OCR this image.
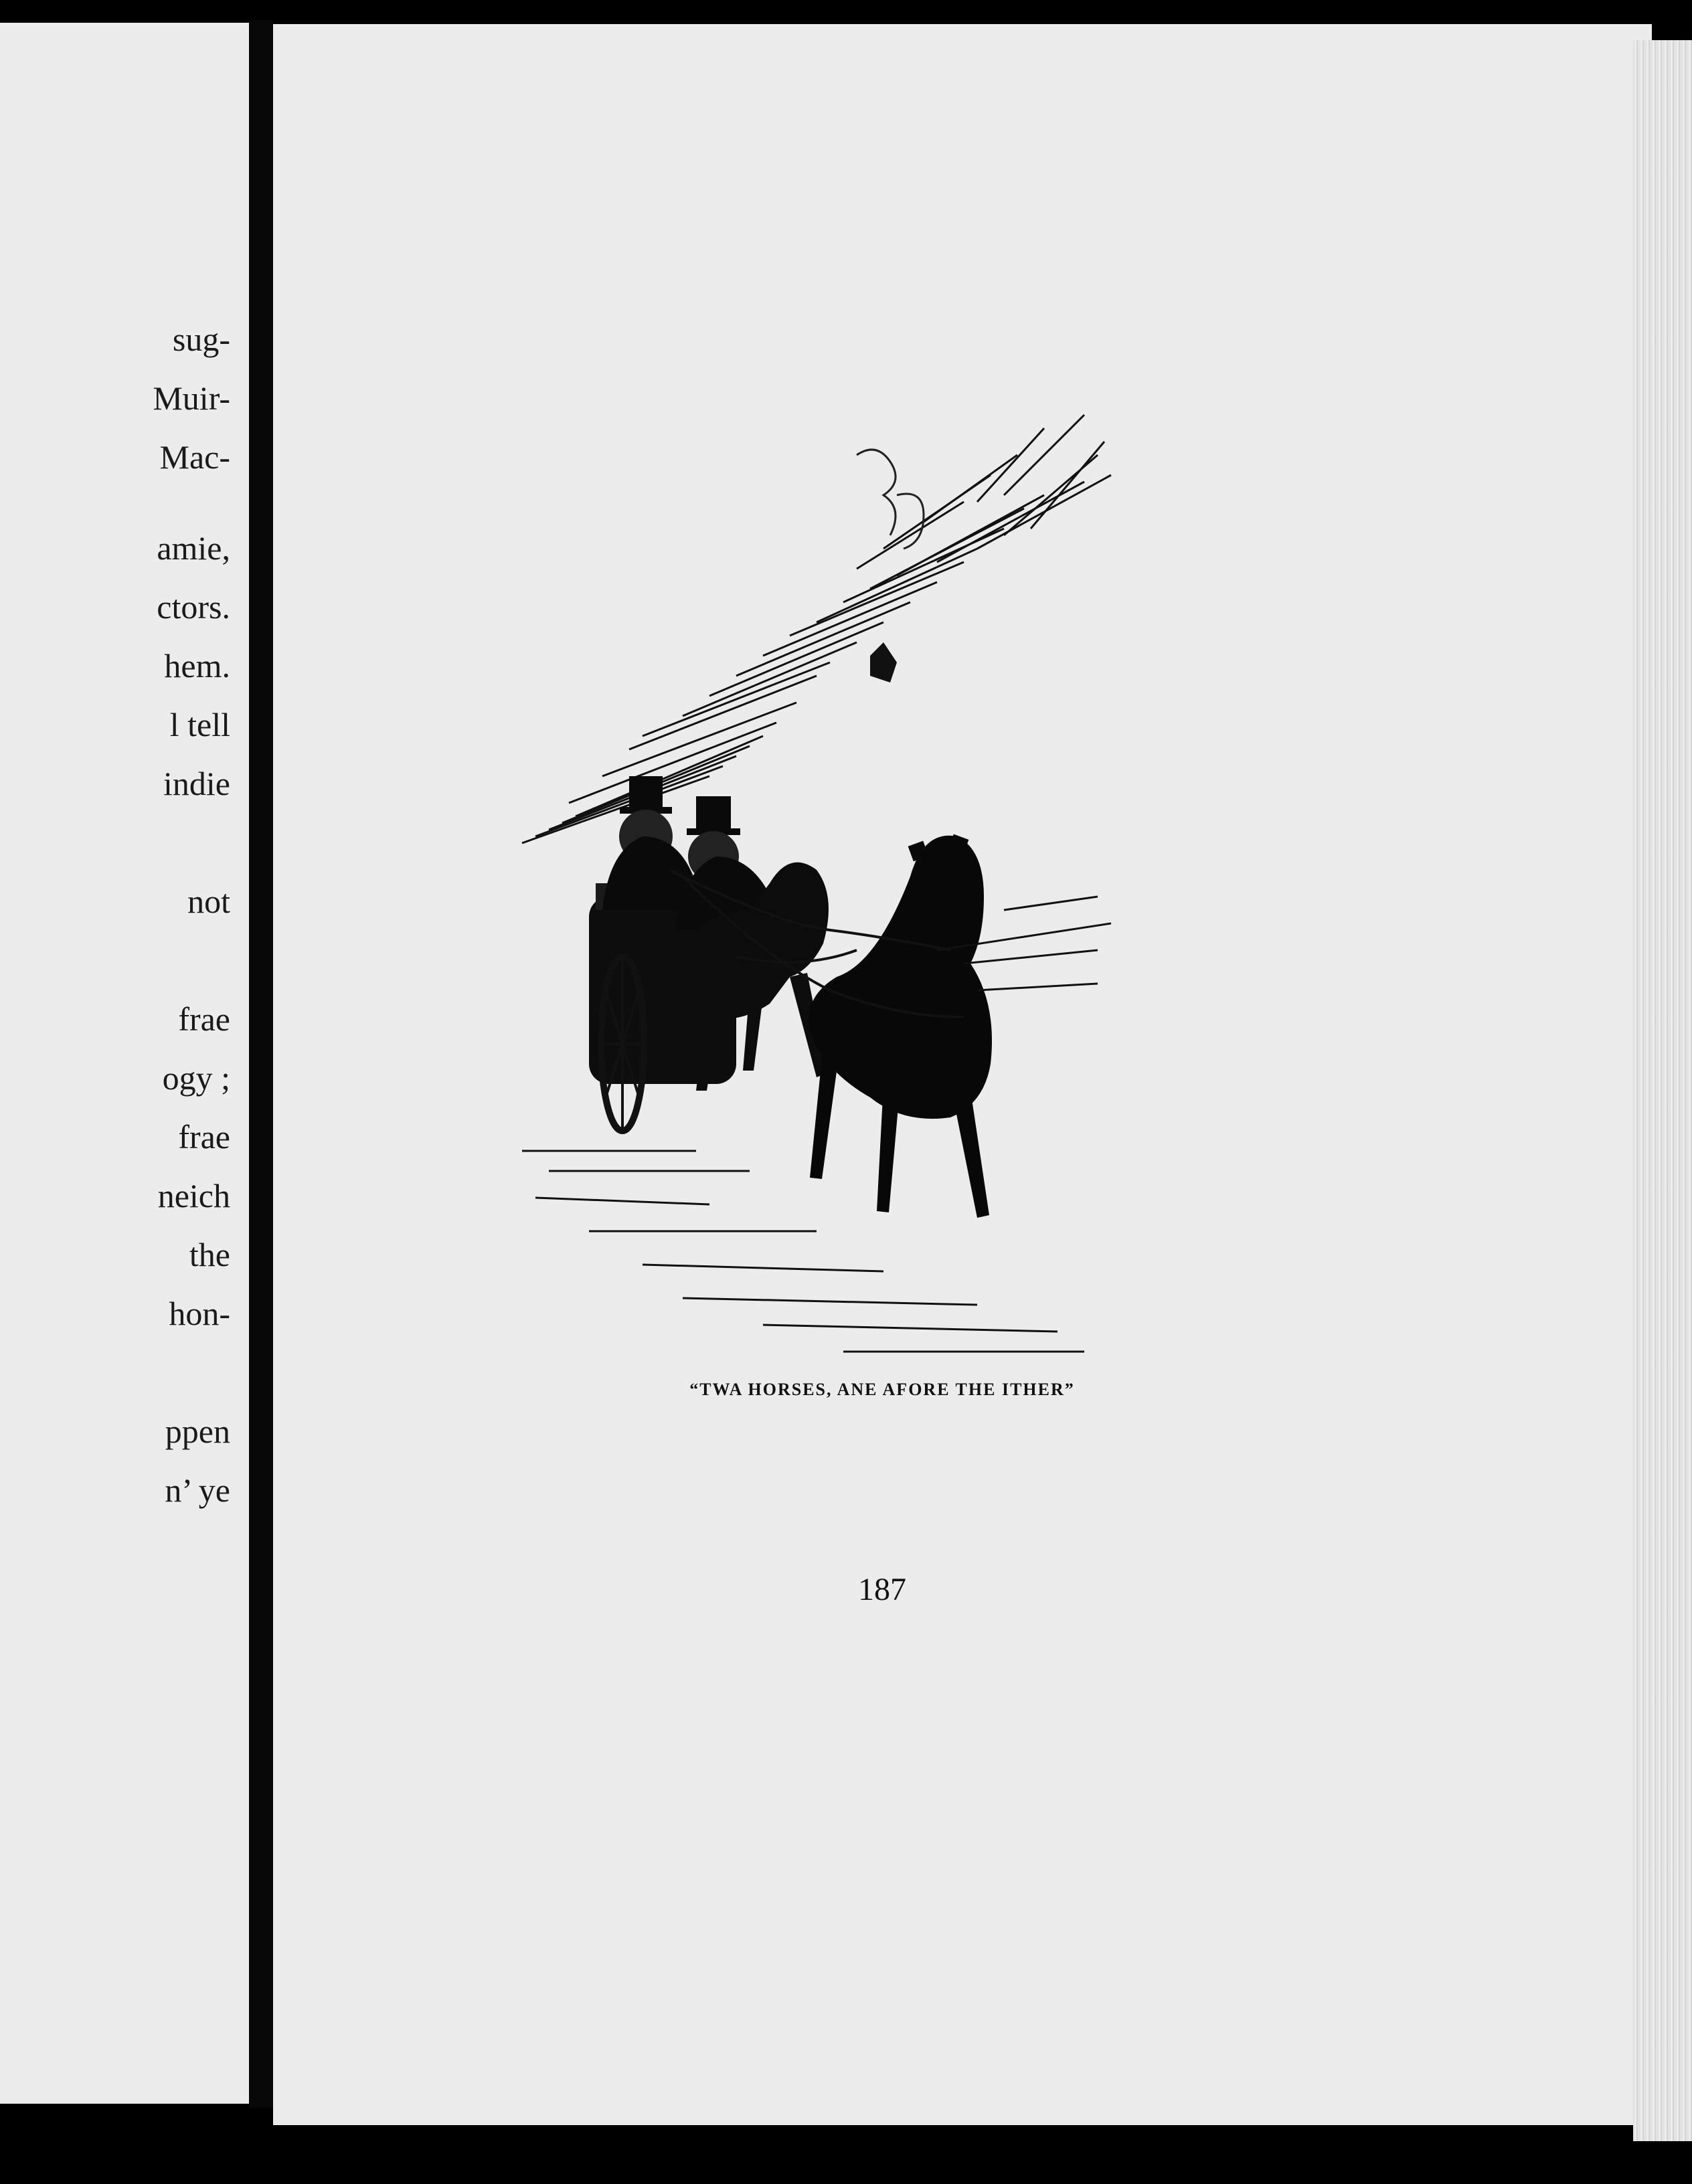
sug-
Muir-
Mac-
amie,
ctors.
hem.
l tell
indie
not
frae
ogy ;
frae
neich
the
hon-
ppen
n’ ye
“TWA HORSES, ANE AFORE THE ITHER”
187
